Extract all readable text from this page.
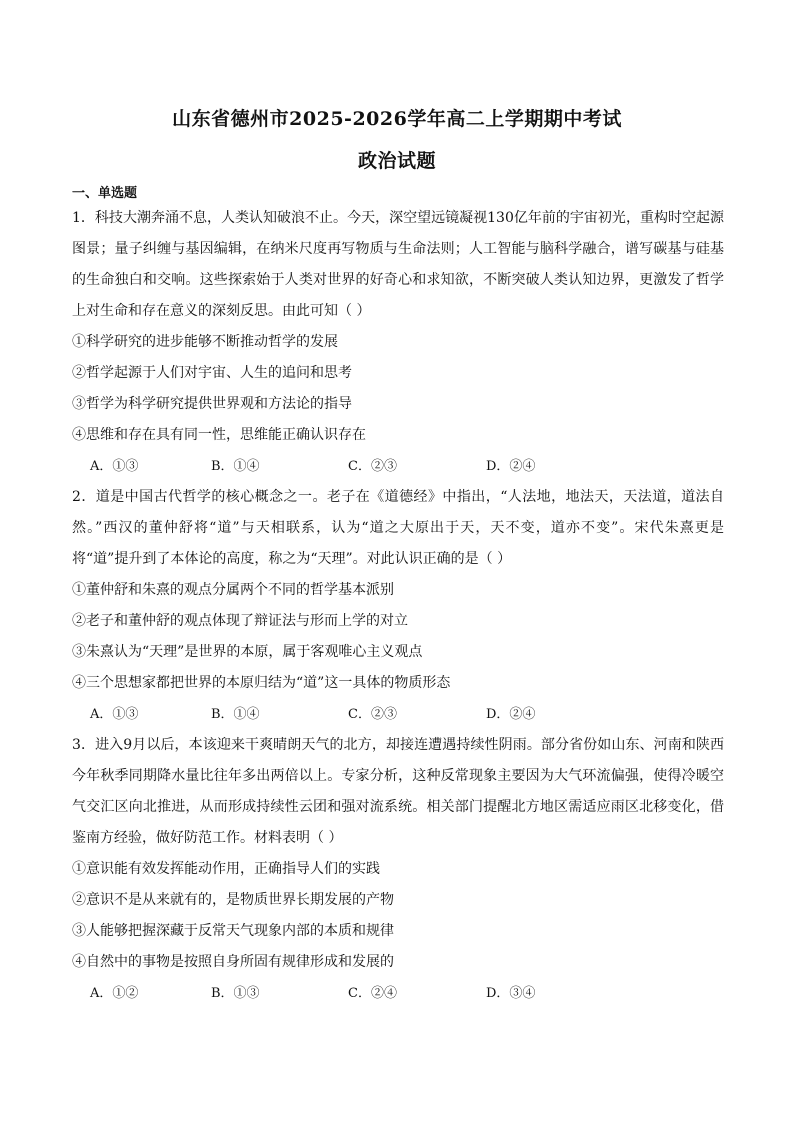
山东省德州市2025-2026学年高二上学期期中考试
政治试题
一、单选题
1．科技大潮奔涌不息，人类认知破浪不止。今天，深空望远镜凝视130亿年前的宇宙初光，重构时空起源图景；量子纠缠与基因编辑，在纳米尺度再写物质与生命法则；人工智能与脑科学融合，谱写碳基与硅基的生命独白和交响。这些探索始于人类对世界的好奇心和求知欲，不断突破人类认知边界，更激发了哲学上对生命和存在意义的深刻反思。由此可知（ ）
①科学研究的进步能够不断推动哲学的发展
②哲学起源于人们对宇宙、人生的追问和思考
③哲学为科学研究提供世界观和方法论的指导
④思维和存在具有同一性，思维能正确认识存在
A．①③	B．①④	C．②③	D．②④
2．道是中国古代哲学的核心概念之一。老子在《道德经》中指出，“人法地，地法天，天法道，道法自然。”西汉的董仲舒将“道”与天相联系，认为“道之大原出于天，天不变，道亦不变”。宋代朱熹更是将“道”提升到了本体论的高度，称之为“天理”。对此认识正确的是（ ）
①董仲舒和朱熹的观点分属两个不同的哲学基本派别
②老子和董仲舒的观点体现了辩证法与形而上学的对立
③朱熹认为“天理”是世界的本原，属于客观唯心主义观点
④三个思想家都把世界的本原归结为“道”这一具体的物质形态
A．①③	B．①④	C．②③	D．②④
3．进入9月以后，本该迎来干爽晴朗天气的北方，却接连遭遇持续性阴雨。部分省份如山东、河南和陕西今年秋季同期降水量比往年多出两倍以上。专家分析，这种反常现象主要因为大气环流偏强，使得冷暖空气交汇区向北推进，从而形成持续性云团和强对流系统。相关部门提醒北方地区需适应雨区北移变化，借鉴南方经验，做好防范工作。材料表明（ ）
①意识能有效发挥能动作用，正确指导人们的实践
②意识不是从来就有的，是物质世界长期发展的产物
③人能够把握深藏于反常天气现象内部的本质和规律
④自然中的事物是按照自身所固有规律形成和发展的
A．①②	B．①③	C．②④	D．③④
